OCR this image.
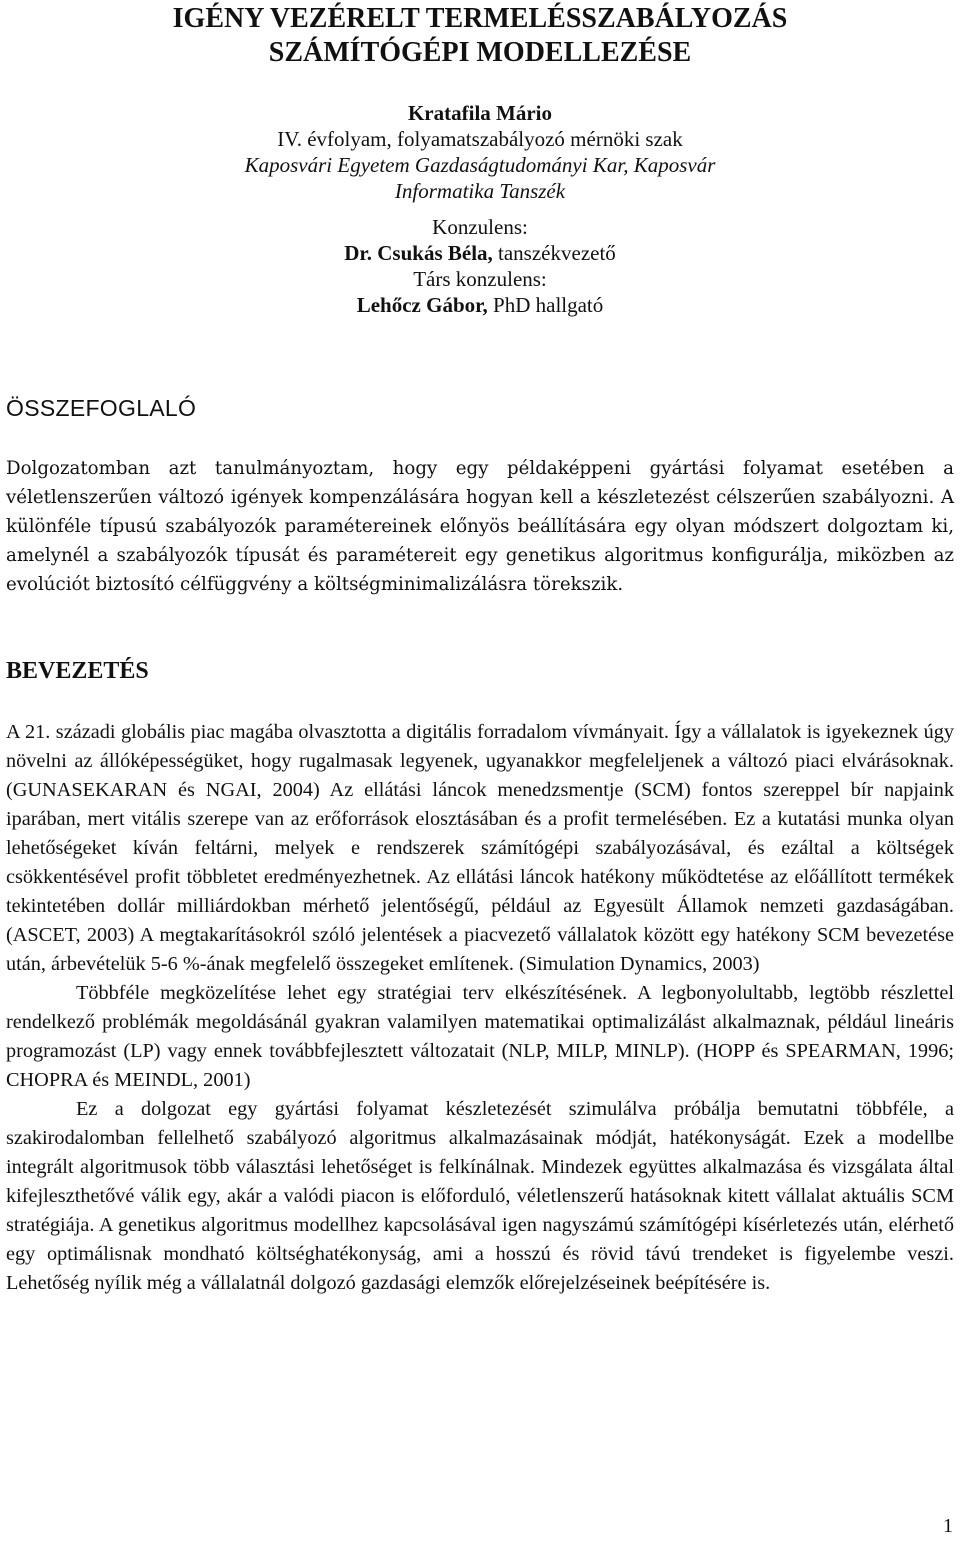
IGÉNY VEZÉRELT TERMELÉSSZABÁLYOZÁS
SZÁMÍTÓGÉPI MODELLEZÉSE
Kratafila Mário
IV. évfolyam, folyamatszabályozó mérnöki szak
Kaposvári Egyetem Gazdaságtudományi Kar, Kaposvár
Informatika Tanszék
Konzulens:
Dr. Csukás Béla, tanszékvezető
Társ konzulens:
Lehőcz Gábor, PhD hallgató
ÖSSZEFOGLALÓ

Dolgozatomban azt tanulmányoztam, hogy egy példaképpeni gyártási folyamat esetében a véletlenszerűen változó igények kompenzálására hogyan kell a készletezést célszerűen szabályozni. A különféle típusú szabályozók paramétereinek előnyös beállítására egy olyan módszert dolgoztam ki, amelynél a szabályozók típusát és paramétereit egy genetikus algoritmus konfigurálja, miközben az evolúciót biztosító célfüggvény a költségminimalizálásra törekszik.

BEVEZETÉS

A 21. századi globális piac magába olvasztotta a digitális forradalom vívmányait. Így a vállalatok is igyekeznek úgy növelni az állóképességüket, hogy rugalmasak legyenek, ugyanakkor megfeleljenek a változó piaci elvárásoknak. (GUNASEKARAN és NGAI, 2004) Az ellátási láncok menedzsmentje (SCM) fontos szereppel bír napjaink iparában, mert vitális szerepe van az erőforrások elosztásában és a profit termelésében. Ez a kutatási munka olyan lehetőségeket kíván feltárni, melyek e rendszerek számítógépi szabályozásával, és ezáltal a költségek csökkentésével profit többletet eredményezhetnek. Az ellátási láncok hatékony működtetése az előállított termékek tekintetében dollár milliárdokban mérhető jelentőségű, például az Egyesült Államok nemzeti gazdaságában. (ASCET, 2003) A megtakarításokról szóló jelentések a piacvezető vállalatok között egy hatékony SCM bevezetése után, árbevételük 5-6 %-ának megfelelő összegeket említenek. (Simulation Dynamics, 2003)

Többféle megközelítése lehet egy stratégiai terv elkészítésének. A legbonyolultabb, legtöbb részlettel rendelkező problémák megoldásánál gyakran valamilyen matematikai optimalizálást alkalmaznak, például lineáris programozást (LP) vagy ennek továbbfejlesztett változatait (NLP, MILP, MINLP). (HOPP és SPEARMAN, 1996; CHOPRA és MEINDL, 2001)

Ez a dolgozat egy gyártási folyamat készletezését szimulálva próbálja bemutatni többféle, a szakirodalomban fellelhető szabályozó algoritmus alkalmazásainak módját, hatékonyságát. Ezek a modellbe integrált algoritmusok több választási lehetőséget is felkínálnak. Mindezek együttes alkalmazása és vizsgálata által kifejleszthetővé válik egy, akár a valódi piacon is előforduló, véletlenszerű hatásoknak kitett vállalat aktuális SCM stratégiája. A genetikus algoritmus modellhez kapcsolásával igen nagyszámú számítógépi kísérletezés után, elérhető egy optimálisnak mondható költséghatékonyság, ami a hosszú és rövid távú trendeket is figyelembe veszi. Lehetőség nyílik még a vállalatnál dolgozó gazdasági elemzők előrejelzéseinek beépítésére is.

1
